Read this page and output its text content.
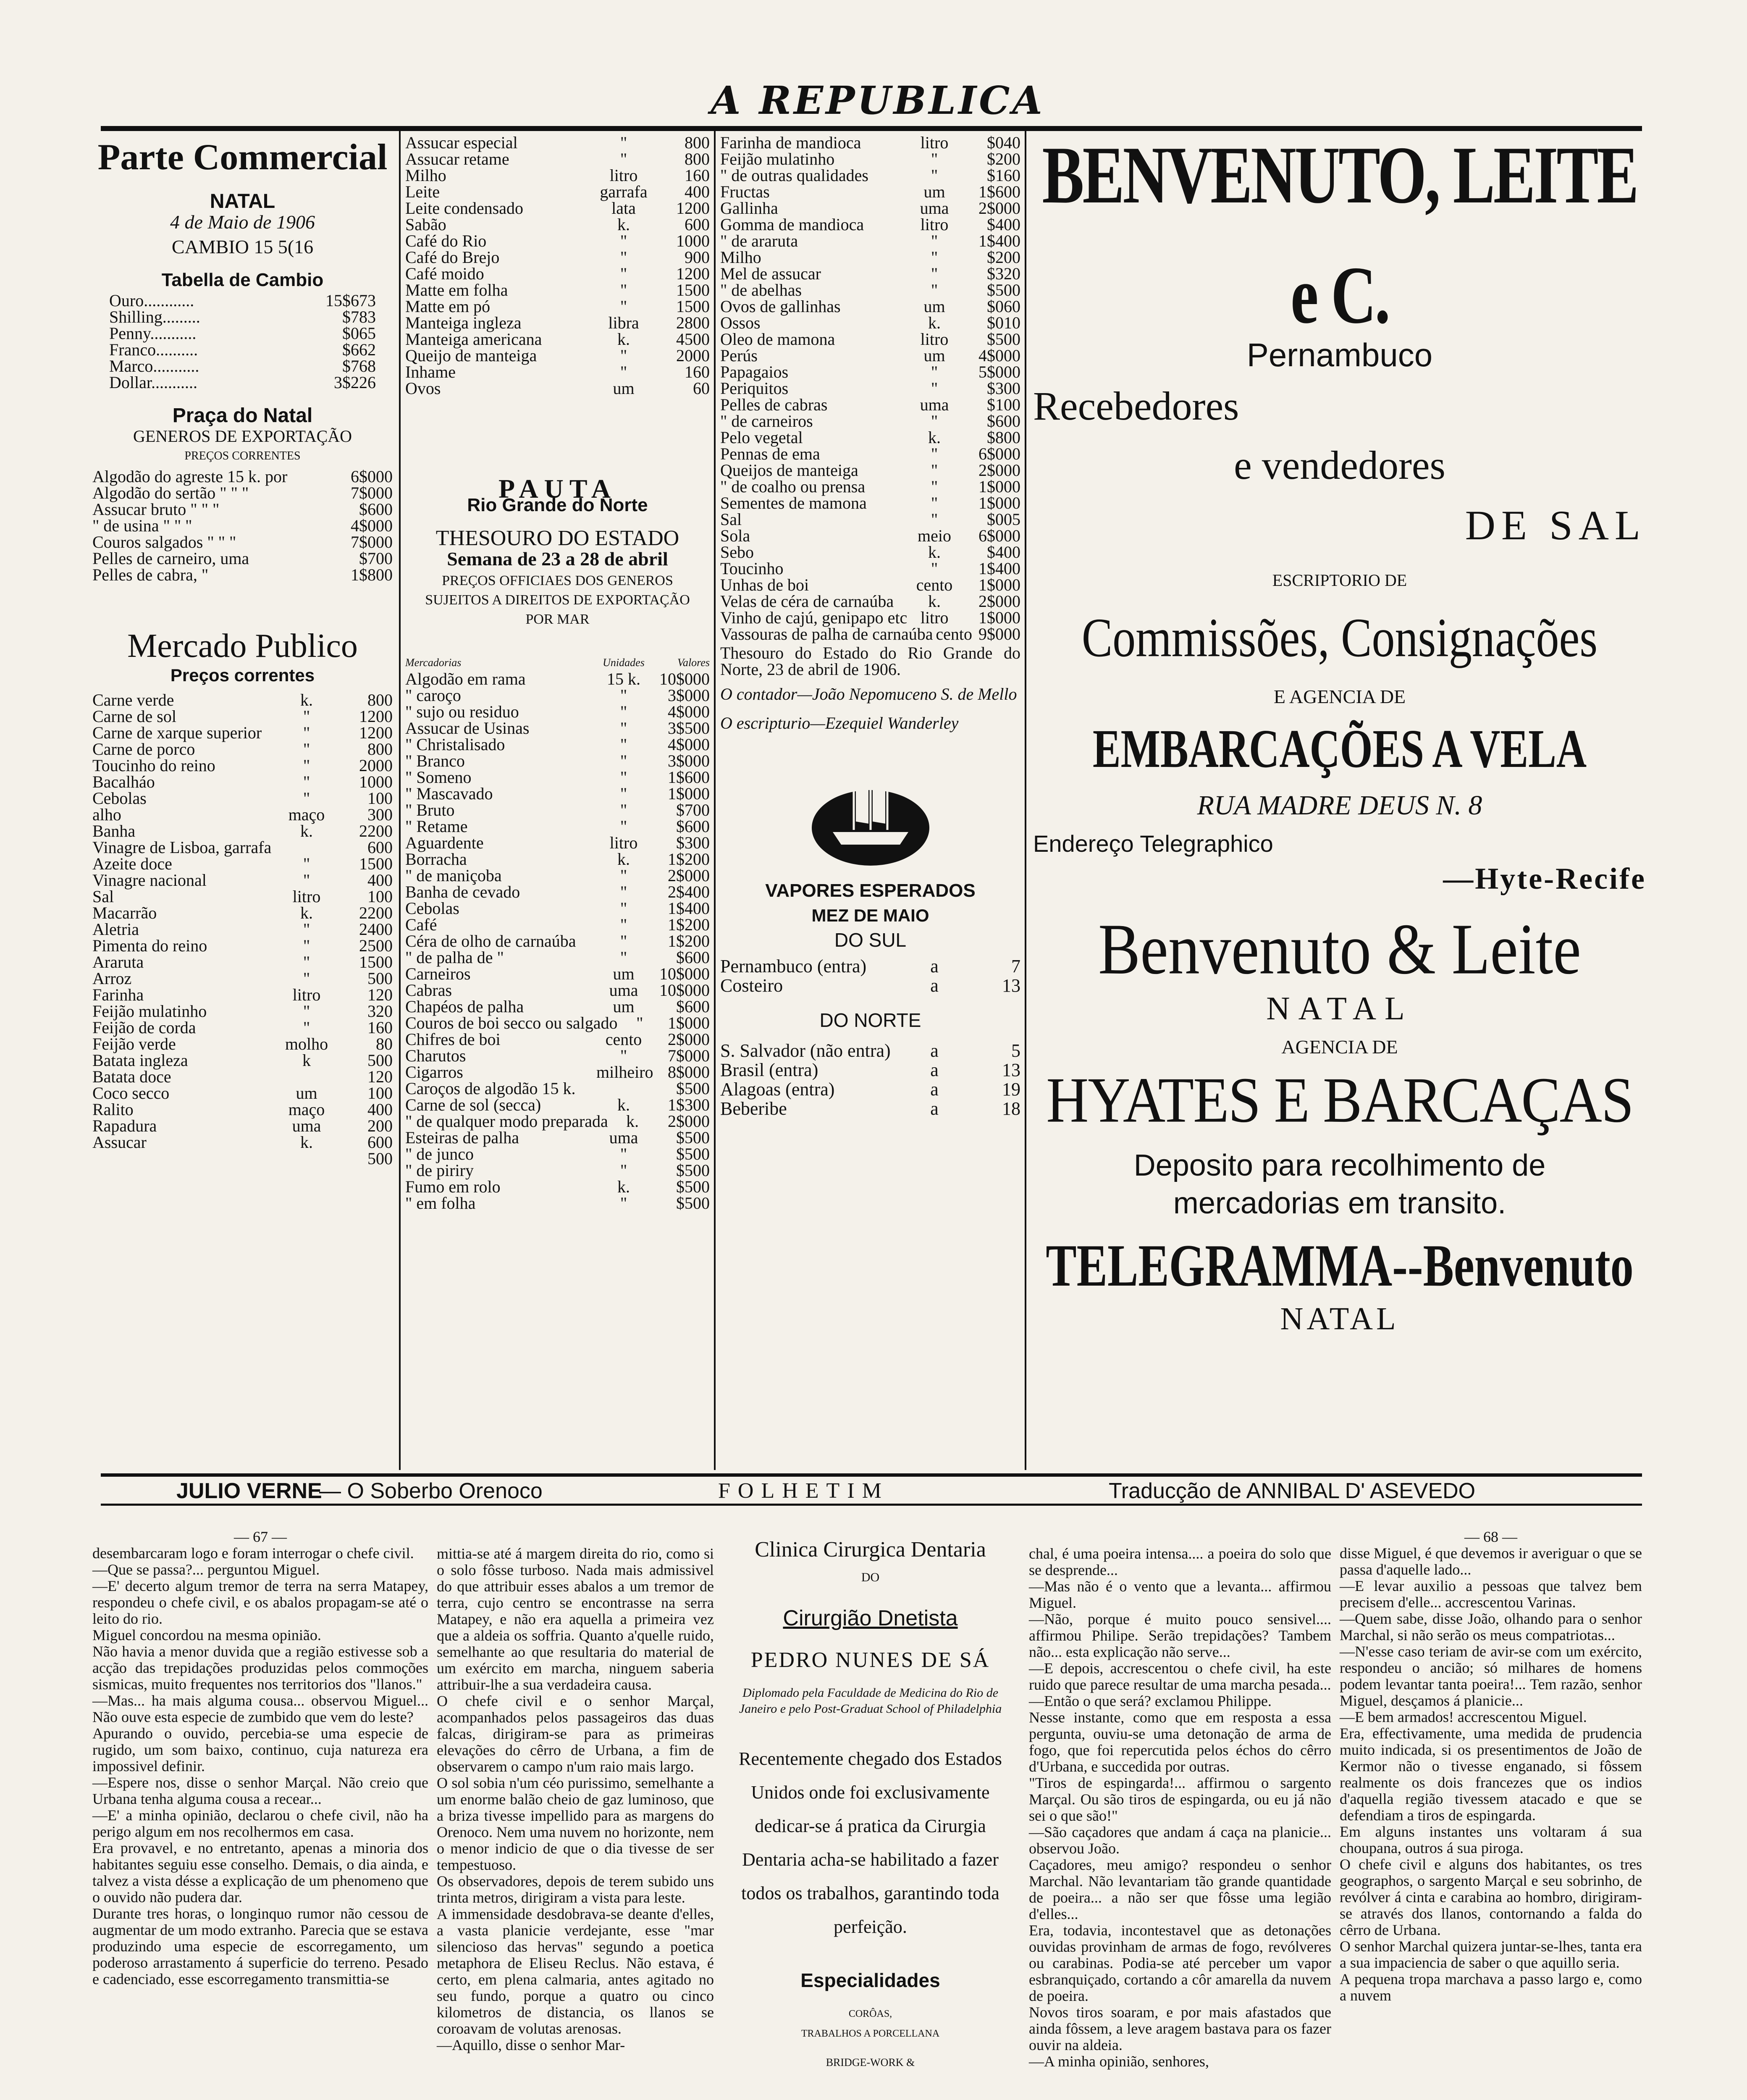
A REPUBLICA
Parte Commercial
NATAL
4 de Maio de 1906
CAMBIO 15 5(16
Tabella de Cambio
Ouro............	15$673
Shilling.........	$783
Penny...........	$065
Franco..........	$662
Marco...........	$768
Dollar...........	3$226
Praça do Natal
GENEROS DE EXPORTAÇÃO
PREÇOS CORRENTES
Algodão do agreste 15 k. por	6$000
Algodão do sertão " " "	7$000
Assucar bruto " " "	$600
" de usina " " "	4$000
Couros salgados " " "	7$000
Pelles de carneiro, uma	$700
Pelles de cabra, "	1$800
Mercado Publico
Preços correntes
Carne verde	k.	800
Carne de sol	"	1200
Carne de xarque superior	"	1200
Carne de porco	"	800
Toucinho do reino	"	2000
Bacalháo	"	1000
Cebolas	"	100
alho	maço	300
Banha	k.	2200
Vinagre de Lisboa, garrafa	600
Azeite doce	"	1500
Vinagre nacional	"	400
Sal	litro	100
Macarrão	k.	2200
Aletria	"	2400
Pimenta do reino	"	2500
Araruta	"	1500
Arroz	"	500
Farinha	litro	120
Feijão mulatinho	"	320
Feijão de corda	"	160
Feijão verde	molho	80
Batata ingleza	k	500
Batata doce	120
Coco secco	um	100
Ralito	maço	400
Rapadura	uma	200
Assucar	k.	600
500
Assucar especial	"	800
Assucar retame	"	800
Milho	litro	160
Leite	garrafa	400
Leite condensado	lata	1200
Sabão	k.	600
Café do Rio	"	1000
Café do Brejo	"	900
Café moido	"	1200
Matte em folha	"	1500
Matte em pó	"	1500
Manteiga ingleza	libra	2800
Manteiga americana	k.	4500
Queijo de manteiga	"	2000
Inhame	"	160
Ovos	um	60
PAUTA
Rio Grande do Norte
THESOURO DO ESTADO
Semana de 23 a 28 de abril
PREÇOS OFFICIAES DOS GENEROS SUJEITOS A DIREITOS DE EXPORTAÇÃO POR MAR
Mercadorias	Unidades	Valores
Algodão em rama	15 k.	10$000
" caroço	"	3$000
" sujo ou residuo	"	4$000
Assucar de Usinas	"	3$500
" Christalisado	"	4$000
" Branco	"	3$000
" Someno	"	1$600
" Mascavado	"	1$000
" Bruto	"	$700
" Retame	"	$600
Aguardente	litro	$300
Borracha	k.	1$200
" de maniçoba	"	2$000
Banha de cevado	"	2$400
Cebolas	"	1$400
Café	"	1$200
Céra de olho de carnaúba	"	1$200
" de palha de "	"	$600
Carneiros	um	10$000
Cabras	uma	10$000
Chapéos de palha	um	$600
Couros de boi secco ou salgado	"	1$000
Chifres de boi	cento	2$000
Charutos	"	7$000
Cigarros	milheiro 8$000
Caroços de algodão 15 k.	$500
Carne de sol (secca)	k.	1$300
" de qualquer modo preparada	k.	2$000
Esteiras de palha	uma	$500
" de junco	"	$500
" de piriry	"	$500
Fumo em rolo	k.	$500
" em folha	"	$500
Farinha de mandioca	litro	$040
Feijão mulatinho	"	$200
" de outras qualidades	"	$160
Fructas	um	1$600
Gallinha	uma	2$000
Gomma de mandioca	litro	$400
" de araruta	"	1$400
Milho	"	$200
Mel de assucar	"	$320
" de abelhas	"	$500
Ovos de gallinhas	um	$060
Ossos	k.	$010
Oleo de mamona	litro	$500
Perús	um	4$000
Papagaios	"	5$000
Periquitos	"	$300
Pelles de cabras	uma	$100
" de carneiros	"	$600
Pelo vegetal	k.	$800
Pennas de ema	"	6$000
Queijos de manteiga	"	2$000
" de coalho ou prensa	"	1$000
Sementes de mamona	"	1$000
Sal	"	$005
Sola	meio	6$000
Sebo	k.	$400
Toucinho	"	1$400
Unhas de boi	cento	1$000
Velas de céra de carnaúba	k.	2$000
Vinho de cajú, genipapo etc litro	1$000
Vassouras de palha de carnaúba cento 9$000
Thesouro do Estado do Rio Grande do Norte, 23 de abril de 1906.
O contador—João Nepomuceno S. de Mello
O escripturio—Ezequiel Wanderley
VAPORES ESPERADOS
MEZ DE MAIO
DO SUL
Pernambuco (entra)	a	7
Costeiro	a	13
DO NORTE
S. Salvador (não entra)	a	5
Brasil (entra)	a	13
Alagoas (entra)	a	19
Beberibe	a	18
BENVENUTO, LEITE e C.
Pernambuco
Recebedores
e vendedores
DE SAL
ESCRIPTORIO DE
Commissões, Consignações
E AGENCIA DE
EMBARCAÇÕES A VELA
RUA MADRE DEUS N. 8
Endereço Telegraphico
—Hyte-Recife
Benvenuto & Leite
NATAL
AGENCIA DE
HYATES E BARCAÇAS
Deposito para recolhimento de mercadorias em transito.
TELEGRAMMA--Benvenuto
NATAL
JULIO VERNE
— O Soberbo Orenoco	FOLHETIM	Traducção de ANNIBAL D' ASEVEDO
— 67 —
desembarcaram logo e foram interrogar o chefe civil.
—Que se passa?... perguntou Miguel.
—E' decerto algum tremor de terra na serra Matapey, respondeu o chefe civil, e os abalos propagam-se até o leito do rio.
Miguel concordou na mesma opinião.
Não havia a menor duvida que a região estivesse sob a acção das trepidações produzidas pelos commoções sismicas, muito frequentes nos territorios dos "llanos."
—Mas... ha mais alguma cousa... observou Miguel... Não ouve esta especie de zumbido que vem do leste?
Apurando o ouvido, percebia-se uma especie de rugido, um som baixo, continuo, cuja natureza era impossivel definir.
—Espere nos, disse o senhor Marçal. Não creio que Urbana tenha alguma cousa a recear...
—E' a minha opinião, declarou o chefe civil, não ha perigo algum em nos recolhermos em casa.
Era provavel, e no entretanto, apenas a minoria dos habitantes seguiu esse conselho. Demais, o dia ainda, e talvez a vista désse a explicação de um phenomeno que o ouvido não pudera dar.
Durante tres horas, o longinquo rumor não cessou de augmentar de um modo extranho. Parecia que se estava produzindo uma especie de escorregamento, um poderoso arrastamento á superficie do terreno. Pesado e cadenciado, esse escorregamento transmittia-se
mittia-se até á margem direita do rio, como si o solo fôsse turboso. Nada mais admissivel do que attribuir esses abalos a um tremor de terra, cujo centro se encontrasse na serra Matapey, e não era aquella a primeira vez que a aldeia os soffria. Quanto a'quelle ruido, semelhante ao que resultaria do material de um exército em marcha, ninguem saberia attribuir-lhe a sua verdadeira causa.
O chefe civil e o senhor Marçal, acompanhados pelos passageiros das duas falcas, dirigiram-se para as primeiras elevações do cêrro de Urbana, a fim de observarem o campo n'um raio mais largo.
O sol sobia n'um céo purissimo, semelhante a um enorme balão cheio de gaz luminoso, que a briza tivesse impellido para as margens do Orenoco. Nem uma nuvem no horizonte, nem o menor indicio de que o dia tivesse de ser tempestuoso.
Os observadores, depois de terem subido uns trinta metros, dirigiram a vista para leste.
A immensidade desdobrava-se deante d'elles, a vasta planicie verdejante, esse "mar silencioso das hervas" segundo a poetica metaphora de Eliseu Reclus. Não estava, é certo, em plena calmaria, antes agitado no seu fundo, porque a quatro ou cinco kilometros de distancia, os llanos se coroavam de volutas arenosas.
—Aquillo, disse o senhor Mar-
Clinica Cirurgica Dentaria
DO
Cirurgião Dnetista
PEDRO NUNES DE SÁ
Diplomado pela Faculdade de Medicina do Rio de Janeiro e pelo Post-Graduat School of Philadelphia
Recentemente chegado dos Estados Unidos onde foi exclusivamente dedicar-se á pratica da Cirurgia Dentaria acha-se habilitado a fazer todos os trabalhos, garantindo toda perfeição.
Especialidades
CORÔAS,
TRABALHOS A PORCELLANA
BRIDGE-WORK &
chal, é uma poeira intensa.... a poeira do solo que se desprende...
—Mas não é o vento que a levanta... affirmou Miguel.
—Não, porque é muito pouco sensivel.... affirmou Philipe. Serão trepidações? Tambem não... esta explicação não serve...
—E depois, accrescentou o chefe civil, ha este ruido que parece resultar de uma marcha pesada...
—Então o que será? exclamou Philippe.
Nesse instante, como que em resposta a essa pergunta, ouviu-se uma detonação de arma de fogo, que foi repercutida pelos échos do cêrro d'Urbana, e succedida por outras.
"Tiros de espingarda!... affirmou o sargento Marçal. Ou são tiros de espingarda, ou eu já não sei o que são!"
—São caçadores que andam á caça na planicie... observou João.
Caçadores, meu amigo? respondeu o senhor Marchal. Não levantariam tão grande quantidade de poeira... a não ser que fôsse uma legião d'elles...
Era, todavia, incontestavel que as detonações ouvidas provinham de armas de fogo, revólveres ou carabinas. Podia-se até perceber um vapor esbranquiçado, cortando a côr amarella da nuvem de poeira.
Novos tiros soaram, e por mais afastados que ainda fôssem, a leve aragem bastava para os fazer ouvir na aldeia.
—A minha opinião, senhores,
— 68 —
disse Miguel, é que devemos ir averiguar o que se passa d'aquelle lado...
—E levar auxilio a pessoas que talvez bem precisem d'elle... accrescentou Varinas.
—Quem sabe, disse João, olhando para o senhor Marchal, si não serão os meus compatriotas...
—N'esse caso teriam de avir-se com um exército, respondeu o ancião; só milhares de homens podem levantar tanta poeira!... Tem razão, senhor Miguel, desçamos á planicie...
—E bem armados! accrescentou Miguel.
Era, effectivamente, uma medida de prudencia muito indicada, si os presentimentos de João de Kermor não o tivesse enganado, si fôssem realmente os dois francezes que os indios d'aquella região tivessem atacado e que se defendiam a tiros de espingarda.
Em alguns instantes uns voltaram á sua choupana, outros á sua piroga.
O chefe civil e alguns dos habitantes, os tres geographos, o sargento Marçal e seu sobrinho, de revólver á cinta e carabina ao hombro, dirigiram-se através dos llanos, contornando a falda do cêrro de Urbana.
O senhor Marchal quizera juntar-se-lhes, tanta era a sua impaciencia de saber o que aquillo seria.
A pequena tropa marchava a passo largo e, como a nuvem
